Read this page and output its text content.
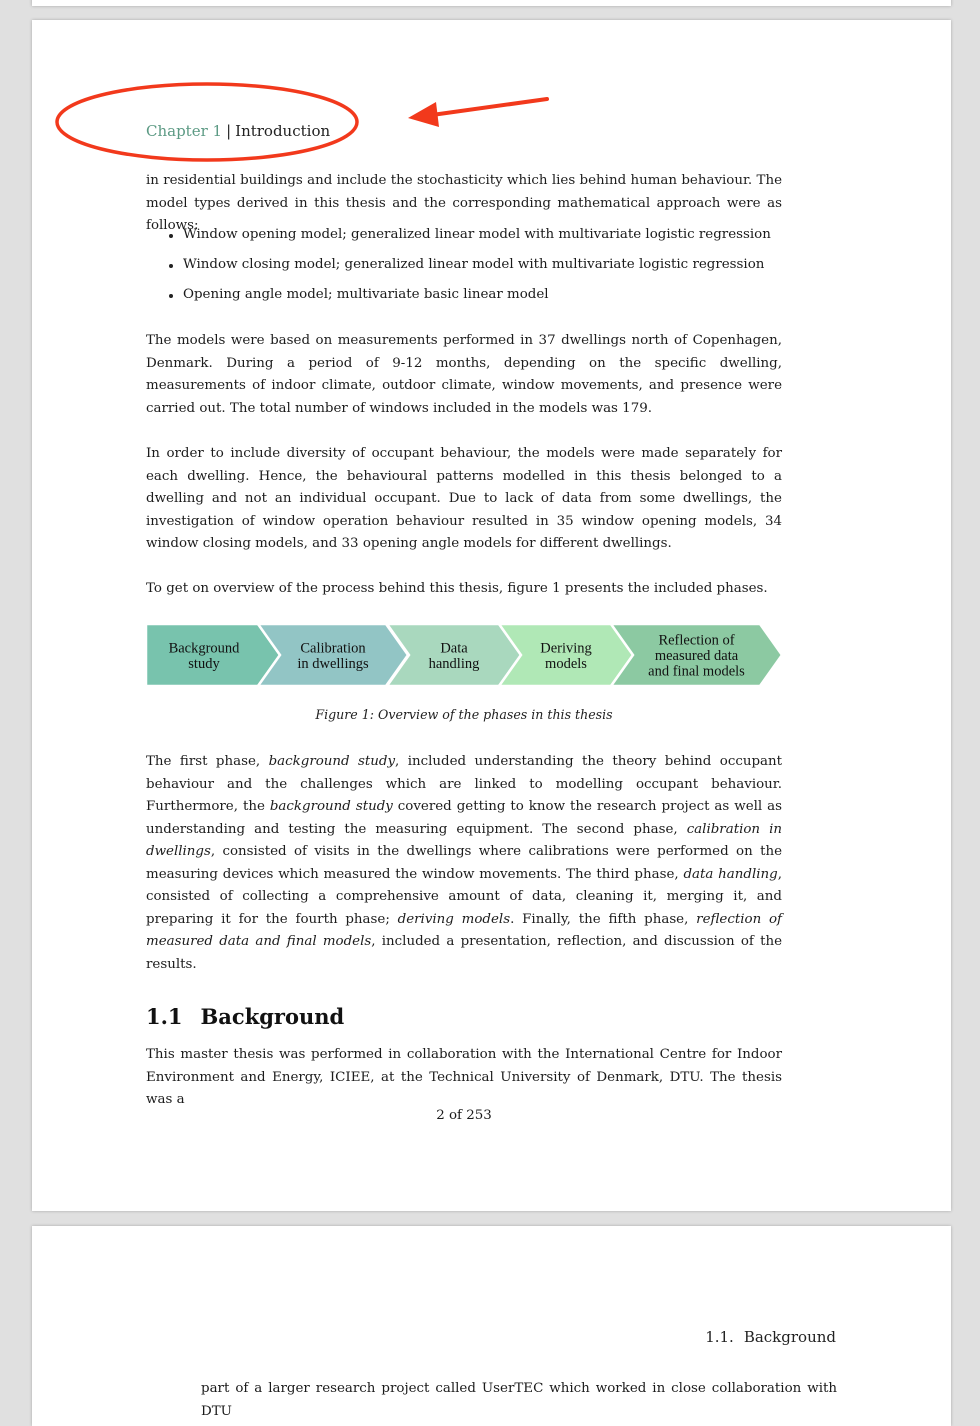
Chapter 1 | Introduction

in residential buildings and include the stochasticity which lies behind human behaviour. The model types derived in this thesis and the corresponding mathematical approach were as follows:

Window opening model; generalized linear model with multivariate logistic regression
Window closing model; generalized linear model with multivariate logistic regression
Opening angle model; multivariate basic linear model

The models were based on measurements performed in 37 dwellings north of Copenhagen, Denmark. During a period of 9-12 months, depending on the specific dwelling, measurements of indoor climate, outdoor climate, window movements, and presence were carried out. The total number of windows included in the models was 179.

In order to include diversity of occupant behaviour, the models were made separately for each dwelling. Hence, the behavioural patterns modelled in this thesis belonged to a dwelling and not an individual occupant. Due to lack of data from some dwellings, the investigation of window operation behaviour resulted in 35 window opening models, 34 window closing models, and 33 opening angle models for different dwellings.

To get on overview of the process behind this thesis, figure 1 presents the included phases.

Background
study
Calibration
in dwellings
Data
handling
Deriving
models
Reflection of
measured data
and final models
Figure 1: Overview of the phases in this thesis

The first phase, background study, included understanding the theory behind occupant behaviour and the challenges which are linked to modelling occupant behaviour. Furthermore, the background study covered getting to know the research project as well as understanding and testing the measuring equipment. The second phase, calibration in dwellings, consisted of visits in the dwellings where calibrations were performed on the measuring devices which measured the window movements. The third phase, data handling, consisted of collecting a comprehensive amount of data, cleaning it, merging it, and preparing it for the fourth phase; deriving models. Finally, the fifth phase, reflection of measured data and final models, included a presentation, reflection, and discussion of the results.

1.1 Background

This master thesis was performed in collaboration with the International Centre for Indoor Environment and Energy, ICIEE, at the Technical University of Denmark, DTU. The thesis was a

2 of 253
1.1. Background
part of a larger research project called UserTEC which worked in close collaboration with DTU
